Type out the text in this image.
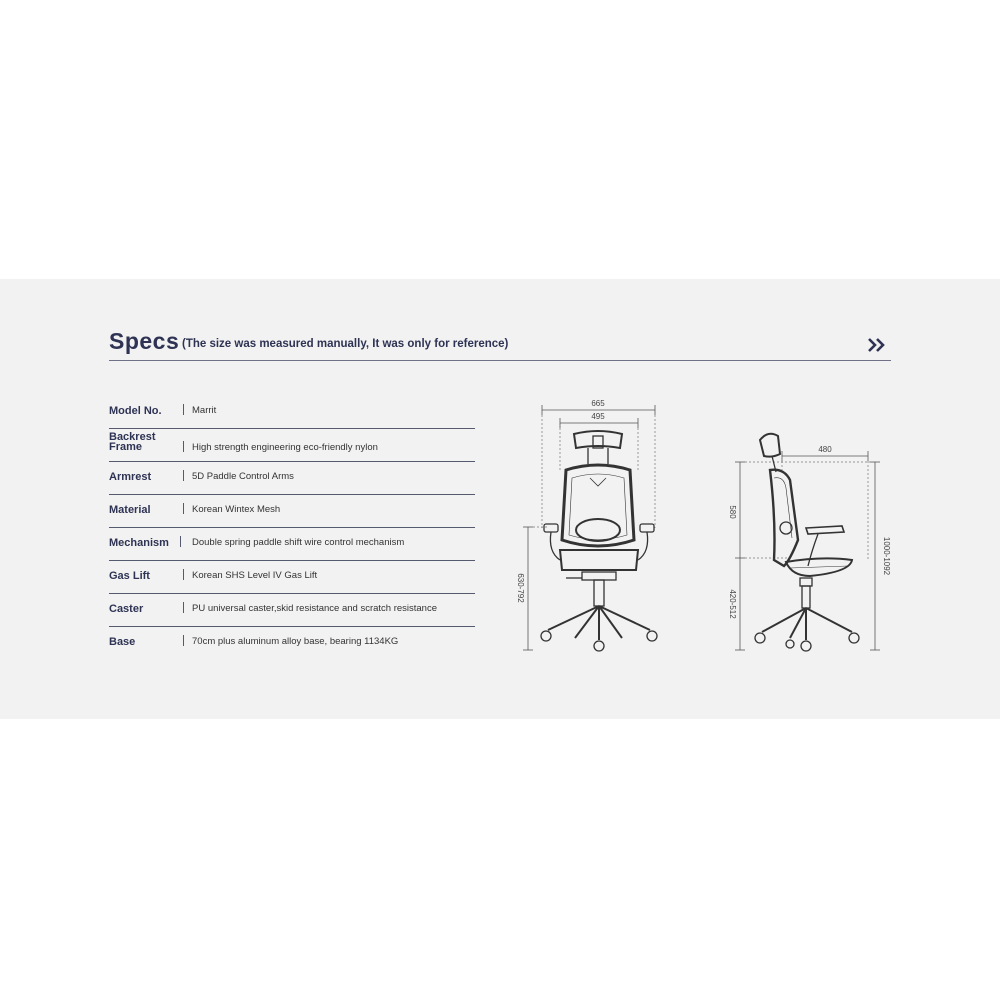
Specs (The size was measured manually, It was only for reference)
Model No.	Marrit
Backrest
Frame	High strength engineering eco-friendly nylon
Armrest	5D Paddle Control Arms
Material	Korean Wintex Mesh
Mechanism Double spring paddle shift wire control mechanism
Gas Lift	Korean SHS Level IV Gas Lift
Caster	PU universal caster,skid resistance and scratch resistance
Base	70cm plus aluminum alloy base, bearing 1134KG
665
495
630-792
480
580
420-512
1000-1092
